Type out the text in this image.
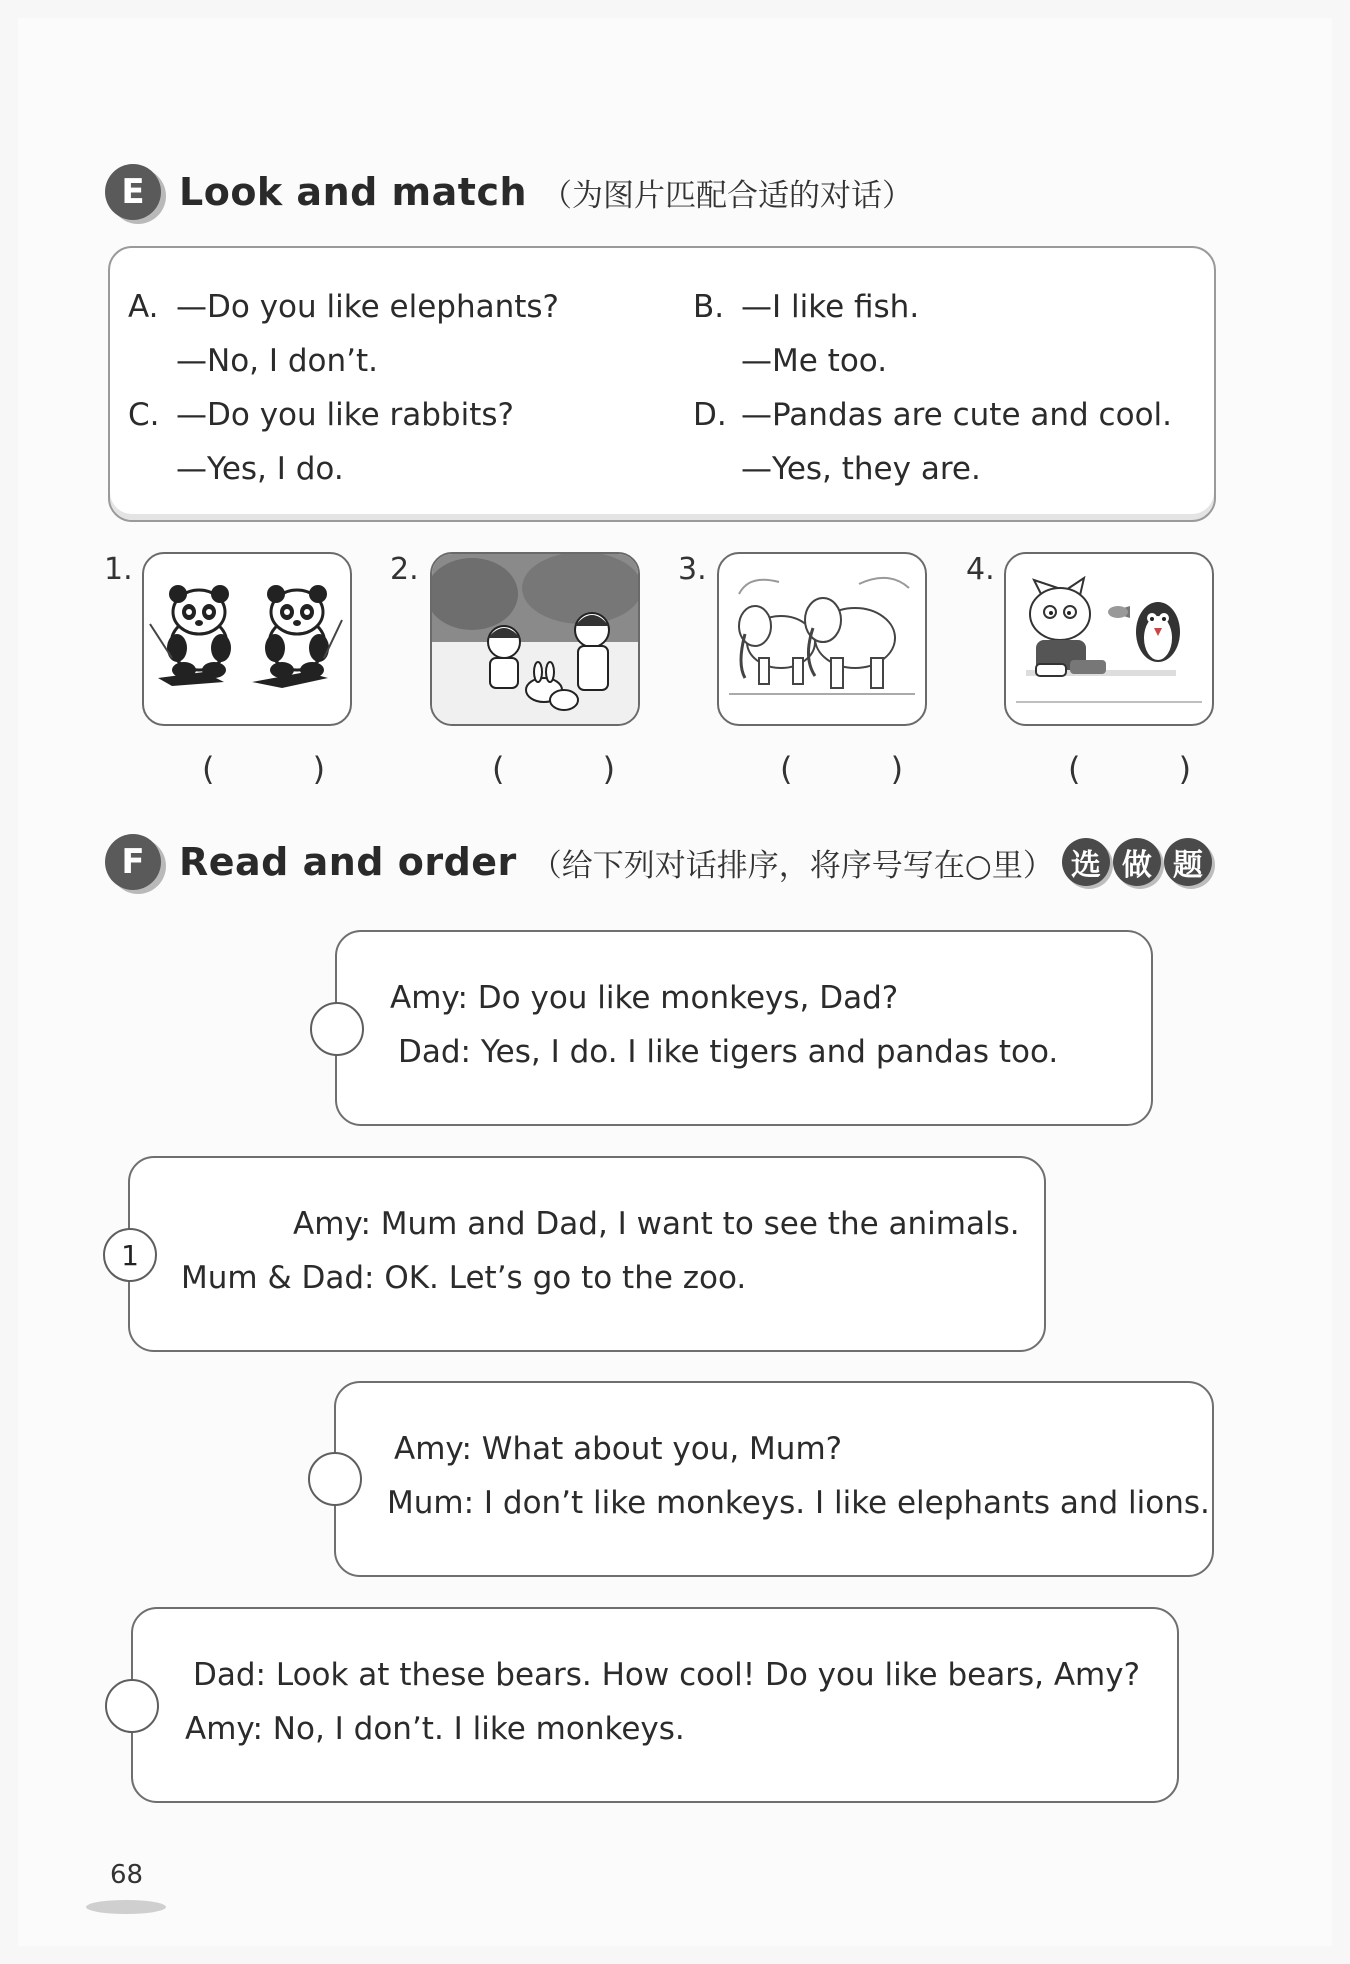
E Look and match （为图片匹配合适的对话）
A. —Do you like elephants?
—No, I don’t.
B. —I like fish.
—Me too.
C. —Do you like rabbits?
—Yes, I do.
D. —Pandas are cute and cool.
—Yes, they are.
1.
( )
2.
( )
3.
( )
4.
( )
F Read and order （给下列对话排序，将序号写在○里） 选 做 题
Amy: Do you like monkeys, Dad?
Dad: Yes, I do. I like tigers and pandas too.
1
Amy: Mum and Dad, I want to see the animals.
Mum & Dad: OK. Let’s go to the zoo.
Amy: What about you, Mum?
Mum: I don’t like monkeys. I like elephants and lions.
Dad: Look at these bears. How cool! Do you like bears, Amy?
Amy: No, I don’t. I like monkeys.
68
